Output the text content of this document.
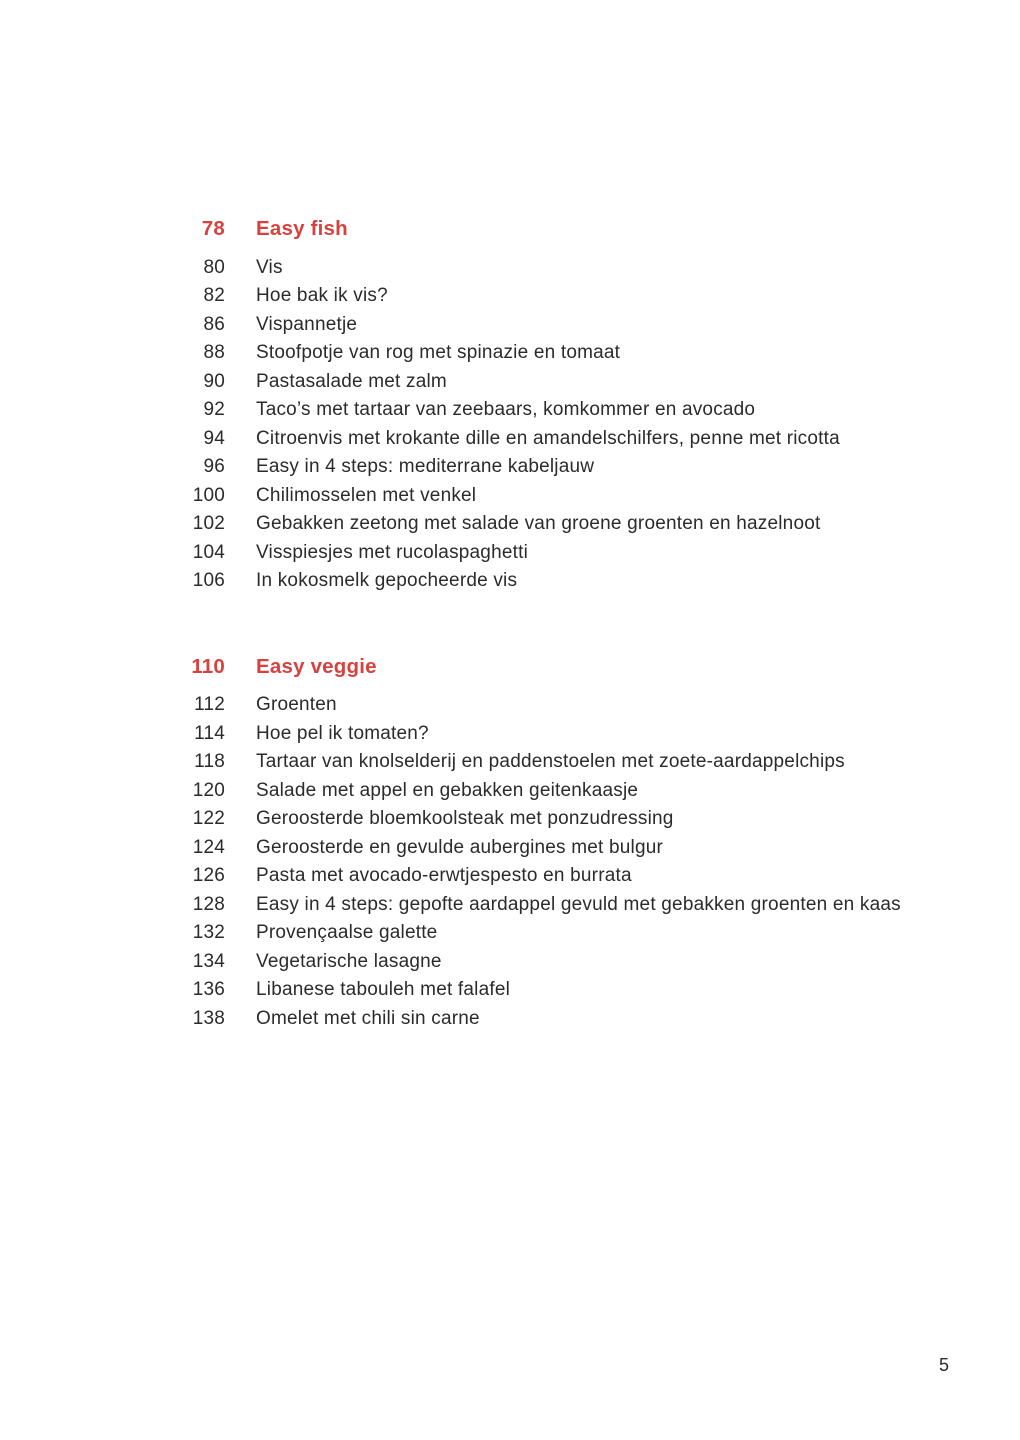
78 Easy fish
80 Vis
82 Hoe bak ik vis?
86 Vispannetje
88 Stoofpotje van rog met spinazie en tomaat
90 Pastasalade met zalm
92 Taco’s met tartaar van zeebaars, komkommer en avocado
94 Citroenvis met krokante dille en amandelschilfers, penne met ricotta
96 Easy in 4 steps: mediterrane kabeljauw
100 Chilimosselen met venkel
102 Gebakken zeetong met salade van groene groenten en hazelnoot
104 Visspiesjes met rucolaspaghetti
106 In kokosmelk gepocheerde vis
110 Easy veggie
112 Groenten
114 Hoe pel ik tomaten?
118 Tartaar van knolselderij en paddenstoelen met zoete-aardappelchips
120 Salade met appel en gebakken geitenkaasje
122 Geroosterde bloemkoolsteak met ponzudressing
124 Geroosterde en gevulde aubergines met bulgur
126 Pasta met avocado-erwtjespesto en burrata
128 Easy in 4 steps: gepofte aardappel gevuld met gebakken groenten en kaas
132 Provençaalse galette
134 Vegetarische lasagne
136 Libanese tabouleh met falafel
138 Omelet met chili sin carne
5
